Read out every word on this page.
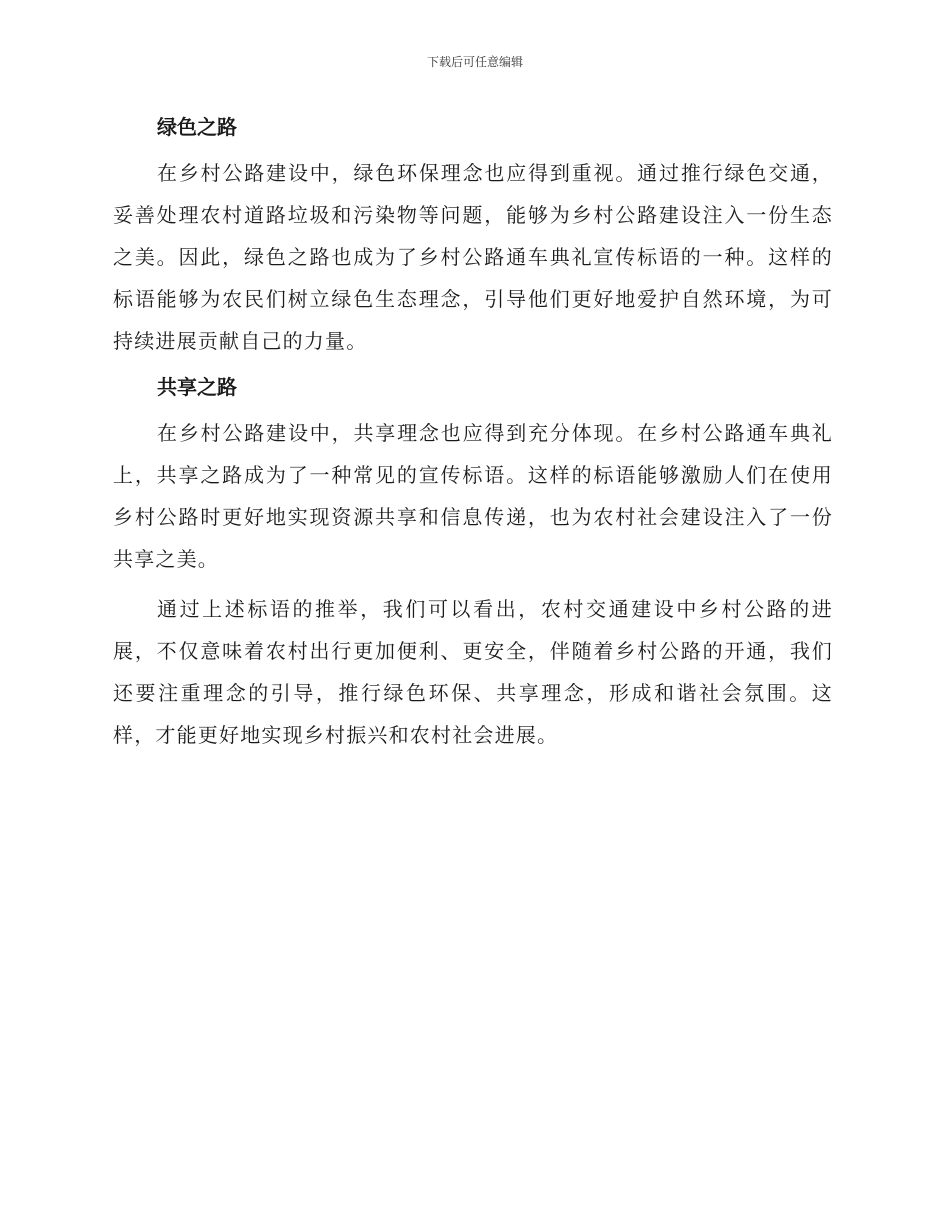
下载后可任意编辑
绿色之路

在乡村公路建设中，绿色环保理念也应得到重视。通过推行绿色交通，妥善处理农村道路垃圾和污染物等问题，能够为乡村公路建设注入一份生态之美。因此，绿色之路也成为了乡村公路通车典礼宣传标语的一种。这样的标语能够为农民们树立绿色生态理念，引导他们更好地爱护自然环境，为可持续进展贡献自己的力量。

共享之路

在乡村公路建设中，共享理念也应得到充分体现。在乡村公路通车典礼上，共享之路成为了一种常见的宣传标语。这样的标语能够激励人们在使用乡村公路时更好地实现资源共享和信息传递，也为农村社会建设注入了一份共享之美。

通过上述标语的推举，我们可以看出，农村交通建设中乡村公路的进展，不仅意味着农村出行更加便利、更安全，伴随着乡村公路的开通，我们还要注重理念的引导，推行绿色环保、共享理念，形成和谐社会氛围。这样，才能更好地实现乡村振兴和农村社会进展。
